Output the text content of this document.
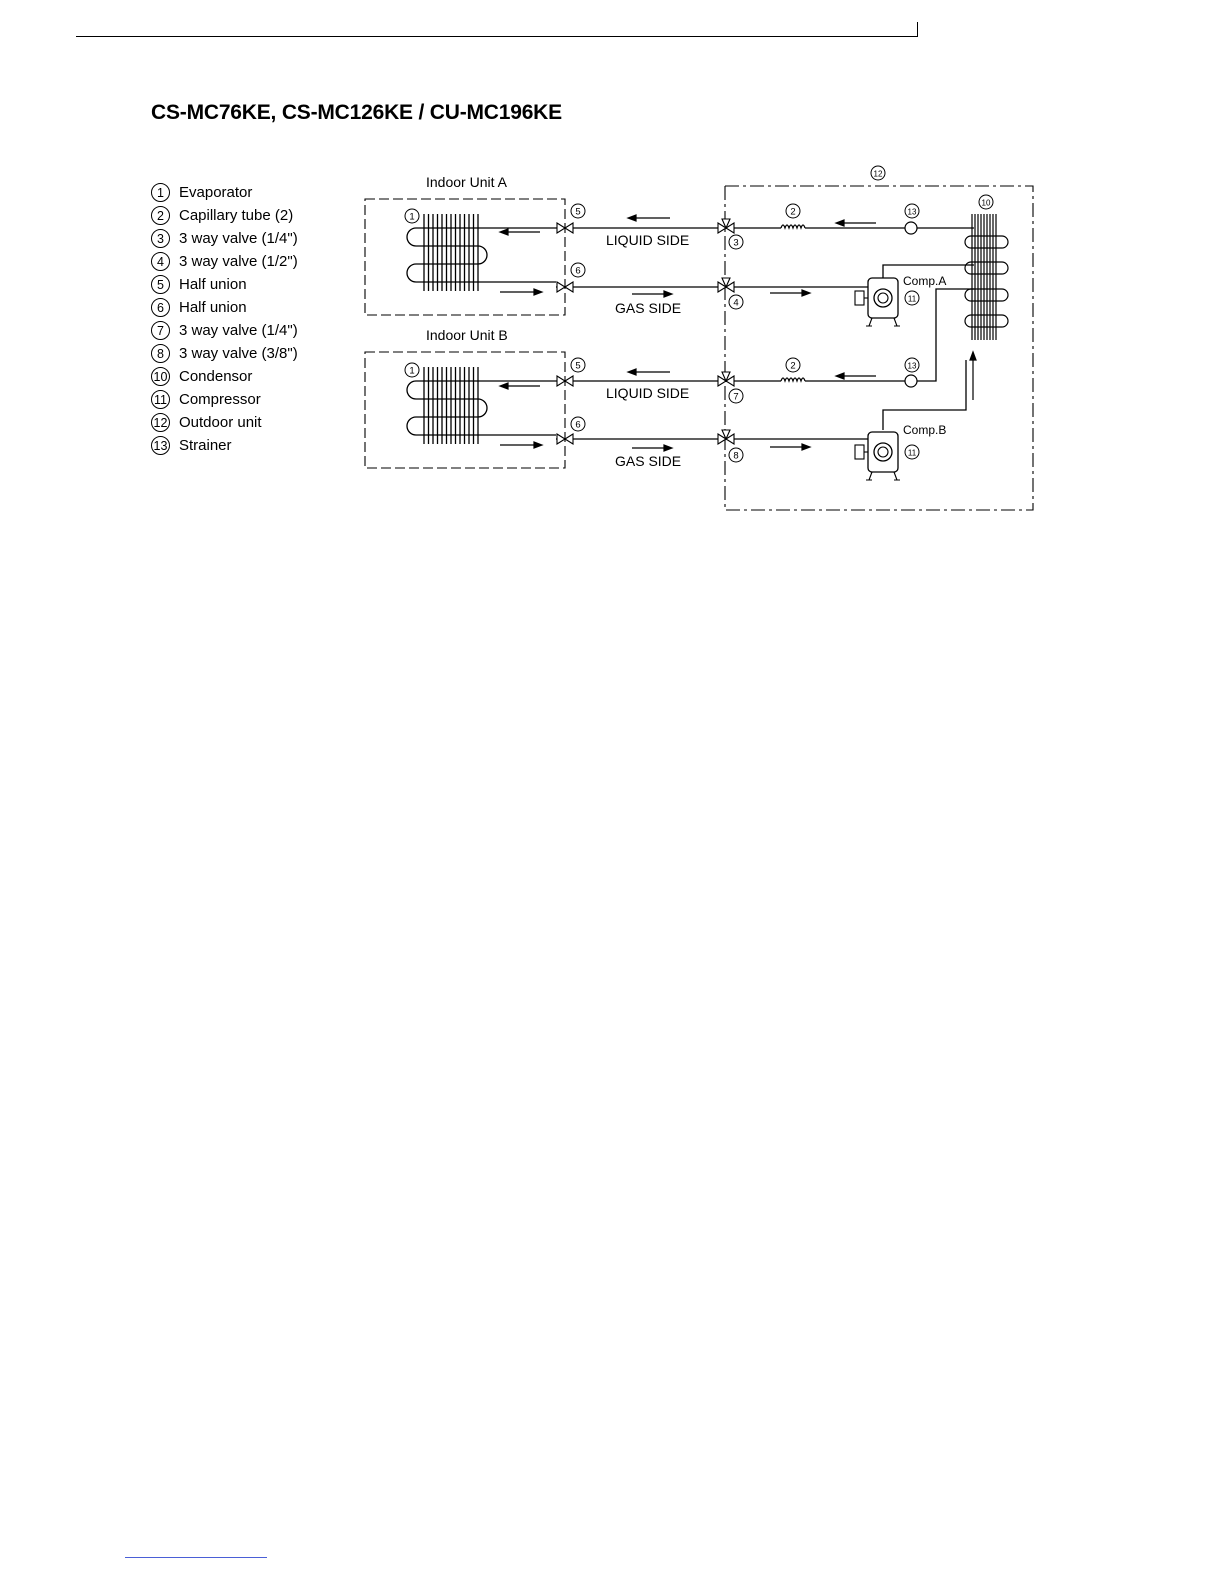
CS-MC76KE, CS-MC126KE / CU-MC196KE
1	Evaporator
2	Capillary tube (2)
3	3 way valve (1/4")
4	3 way valve (1/2")
5	Half union
6	Half union
7	3 way valve (1/4")
8	3 way valve (3/8")
10 Condensor
11 Compressor
12 Outdoor unit
13 Strainer
Indoor Unit A
Indoor Unit B
LIQUID SIDE
GAS SIDE
LIQUID SIDE
GAS SIDE
Comp.A
Comp.B
1
1
5
6
5
6
3
4
7
8
2
2
13
13
10
12
11
11
